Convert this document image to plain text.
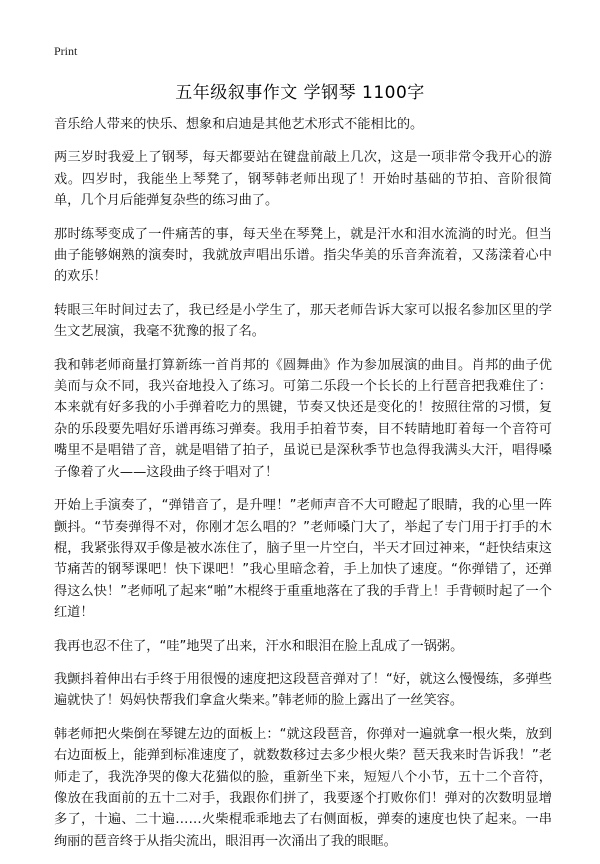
Print
五年级叙事作文 学钢琴 1100字

音乐给人带来的快乐、想象和启迪是其他艺术形式不能相比的。

两三岁时我爱上了钢琴，每天都要站在键盘前敲上几次，这是一项非常令我开心的游戏。四岁时，我能坐上琴凳了，钢琴韩老师出现了！开始时基础的节拍、音阶很简单，几个月后能弹复杂些的练习曲了。

那时练琴变成了一件痛苦的事，每天坐在琴凳上，就是汗水和泪水流淌的时光。但当曲子能够娴熟的演奏时，我就放声唱出乐谱。指尖华美的乐音奔流着，又荡漾着心中的欢乐！

转眼三年时间过去了，我已经是小学生了，那天老师告诉大家可以报名参加区里的学生文艺展演，我毫不犹豫的报了名。

我和韩老师商量打算新练一首肖邦的《圆舞曲》作为参加展演的曲目。肖邦的曲子优美而与众不同，我兴奋地投入了练习。可第二乐段一个长长的上行琶音把我难住了：本来就有好多我的小手弹着吃力的黑键，节奏又快还是变化的！按照往常的习惯，复杂的乐段要先唱好乐谱再练习弹奏。我用手拍着节奏，目不转睛地盯着每一个音符可嘴里不是唱错了音，就是唱错了拍子，虽说已是深秋季节也急得我满头大汗，唱得嗓子像着了火——这段曲子终于唱对了！

开始上手演奏了，“弹错音了，是升哩！”老师声音不大可瞪起了眼睛，我的心里一阵颤抖。“节奏弹得不对，你刚才怎么唱的？”老师嗓门大了，举起了专门用于打手的木棍，我紧张得双手像是被水冻住了，脑子里一片空白，半天才回过神来，“赶快结束这节痛苦的钢琴课吧！快下课吧！”我心里暗念着，手上加快了速度。“你弹错了，还弹得这么快！”老师吼了起来“啪”木棍终于重重地落在了我的手背上！手背顿时起了一个红道！

我再也忍不住了，“哇”地哭了出来，汗水和眼泪在脸上乱成了一锅粥。

我颤抖着伸出右手终于用很慢的速度把这段琶音弹对了！“好，就这么慢慢练，多弹些遍就快了！妈妈快帮我们拿盒火柴来。”韩老师的脸上露出了一丝笑容。

韩老师把火柴倒在琴键左边的面板上：“就这段琶音，你弹对一遍就拿一根火柴，放到右边面板上，能弹到标准速度了，就数数移过去多少根火柴？琶天我来时告诉我！”老师走了，我洗净哭的像大花猫似的脸，重新坐下来，短短八个小节，五十二个音符，像放在我面前的五十二对手，我跟你们拼了，我要逐个打败你们！弹对的次数明显增多了，十遍、二十遍……火柴棍乖乖地去了右侧面板，弹奏的速度也快了起来。一串绚丽的琶音终于从指尖流出，眼泪再一次涌出了我的眼眶。
